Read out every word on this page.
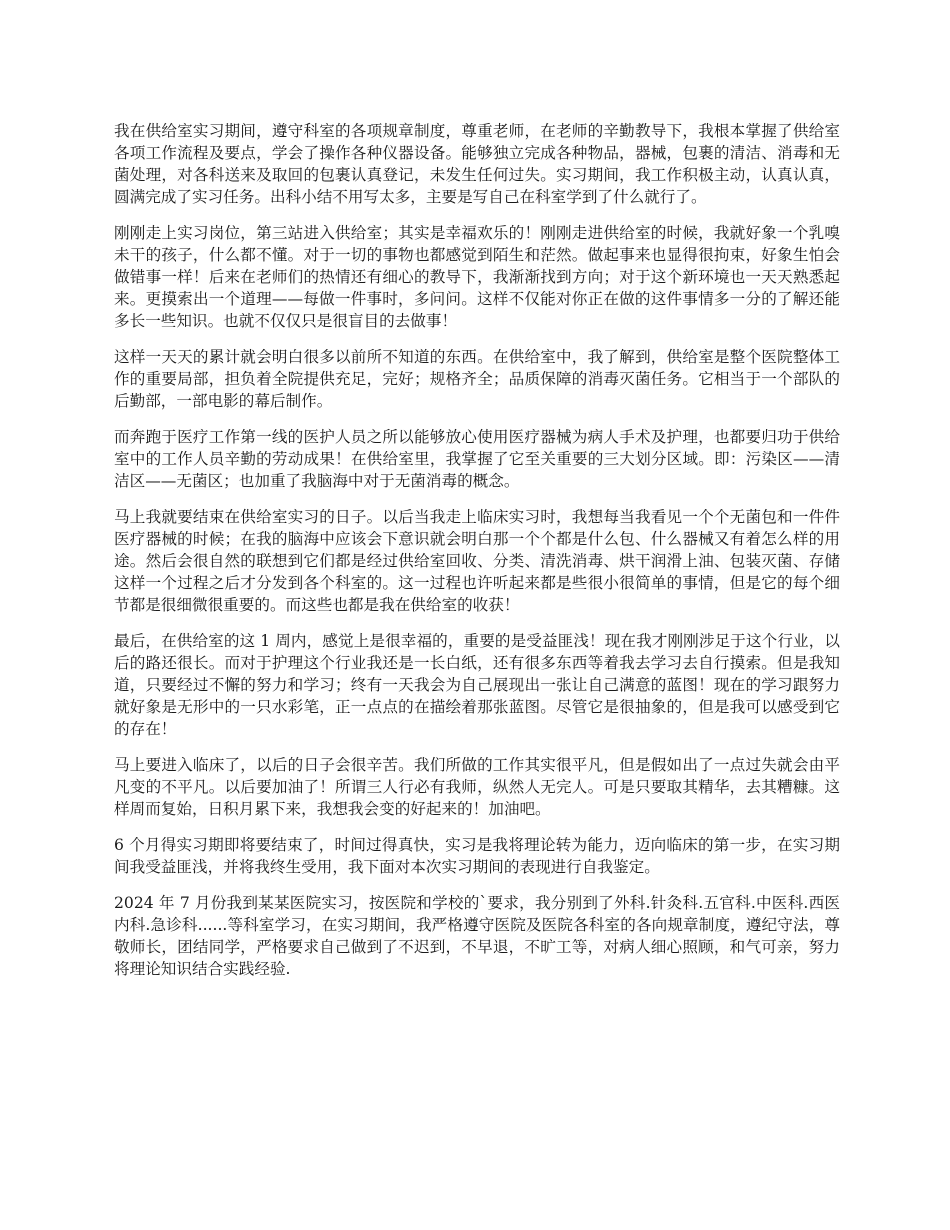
我在供给室实习期间，遵守科室的各项规章制度，尊重老师，在老师的辛勤教导下，我根本掌握了供给室各项工作流程及要点，学会了操作各种仪器设备。能够独立完成各种物品，器械，包裹的清洁、消毒和无菌处理，对各科送来及取回的包裹认真登记，未发生任何过失。实习期间，我工作积极主动，认真认真，圆满完成了实习任务。出科小结不用写太多，主要是写自己在科室学到了什么就行了。

刚刚走上实习岗位，第三站进入供给室；其实是幸福欢乐的！刚刚走进供给室的时候，我就好象一个乳嗅未干的孩子，什么都不懂。对于一切的事物也都感觉到陌生和茫然。做起事来也显得很拘束，好象生怕会做错事一样！后来在老师们的热情还有细心的教导下，我渐渐找到方向；对于这个新环境也一天天熟悉起来。更摸索出一个道理——每做一件事时，多问问。这样不仅能对你正在做的这件事情多一分的了解还能多长一些知识。也就不仅仅只是很盲目的去做事！

这样一天天的累计就会明白很多以前所不知道的东西。在供给室中，我了解到，供给室是整个医院整体工作的重要局部，担负着全院提供充足，完好；规格齐全；品质保障的消毒灭菌任务。它相当于一个部队的后勤部，一部电影的幕后制作。

而奔跑于医疗工作第一线的医护人员之所以能够放心使用医疗器械为病人手术及护理，也都要归功于供给室中的工作人员辛勤的劳动成果！在供给室里，我掌握了它至关重要的三大划分区域。即：污染区——清洁区——无菌区；也加重了我脑海中对于无菌消毒的概念。

马上我就要结束在供给室实习的日子。以后当我走上临床实习时，我想每当我看见一个个无菌包和一件件医疗器械的时候；在我的脑海中应该会下意识就会明白那一个个都是什么包、什么器械又有着怎么样的用途。然后会很自然的联想到它们都是经过供给室回收、分类、清洗消毒、烘干润滑上油、包装灭菌、存储这样一个过程之后才分发到各个科室的。这一过程也许听起来都是些很小很简单的事情，但是它的每个细节都是很细微很重要的。而这些也都是我在供给室的收获！

最后，在供给室的这 1 周内，感觉上是很幸福的，重要的是受益匪浅！现在我才刚刚涉足于这个行业，以后的路还很长。而对于护理这个行业我还是一长白纸，还有很多东西等着我去学习去自行摸索。但是我知道，只要经过不懈的努力和学习；终有一天我会为自己展现出一张让自己满意的蓝图！现在的学习跟努力就好象是无形中的一只水彩笔，正一点点的在描绘着那张蓝图。尽管它是很抽象的，但是我可以感受到它的存在！

马上要进入临床了，以后的日子会很辛苦。我们所做的工作其实很平凡，但是假如出了一点过失就会由平凡变的不平凡。以后要加油了！所谓三人行必有我师，纵然人无完人。可是只要取其精华，去其糟糠。这样周而复始，日积月累下来，我想我会变的好起来的！加油吧。

6 个月得实习期即将要结束了，时间过得真快，实习是我将理论转为能力，迈向临床的第一步，在实习期间我受益匪浅，并将我终生受用，我下面对本次实习期间的表现进行自我鉴定。

2024 年 7 月份我到某某医院实习，按医院和学校的`要求，我分别到了外科.针灸科.五官科.中医科.西医内科.急诊科......等科室学习，在实习期间，我严格遵守医院及医院各科室的各向规章制度，遵纪守法，尊敬师长，团结同学，严格要求自己做到了不迟到，不早退，不旷工等，对病人细心照顾，和气可亲，努力将理论知识结合实践经验.
